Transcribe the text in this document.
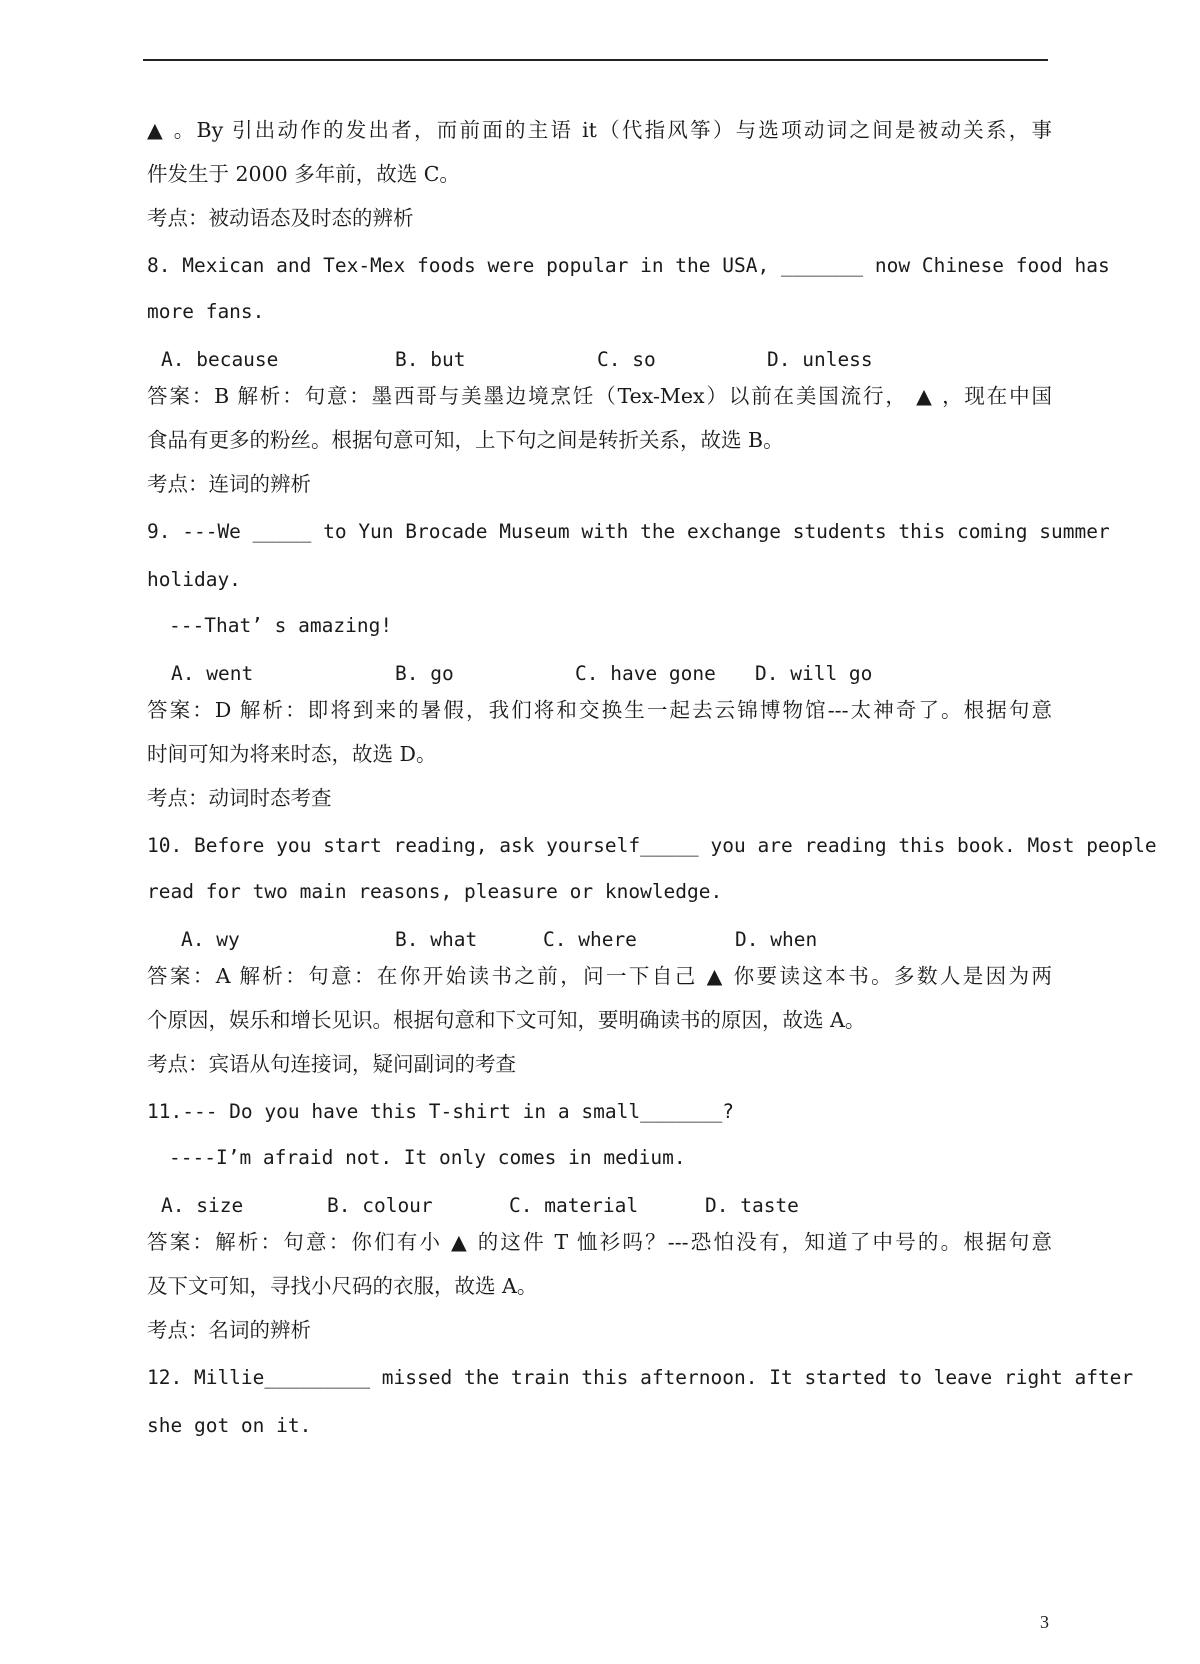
▲ 。By 引出动作的发出者，而前面的主语 it（代指风筝）与选项动词之间是被动关系，事
件发生于 2000 多年前，故选 C。
考点：被动语态及时态的辨析
8. Mexican and Tex-Mex foods were popular in the USA, _______ now Chinese food has
more fans.
A. because	B. but	C. so	D. unless
答案：B 解析：句意：墨西哥与美墨边境烹饪（Tex-Mex）以前在美国流行， ▲ ，现在中国
食品有更多的粉丝。根据句意可知，上下句之间是转折关系，故选 B。
考点：连词的辨析
9. ---We _____ to Yun Brocade Museum with the exchange students this coming summer
holiday.
---That’ s amazing!
A. went	B. go	C. have gone D. will go
答案：D 解析：即将到来的暑假，我们将和交换生一起去云锦博物馆---太神奇了。根据句意
时间可知为将来时态，故选 D。
考点：动词时态考查
10. Before you start reading, ask yourself_____ you are reading this book. Most people
read for two main reasons, pleasure or knowledge.
A. wy	B. what	C. where	D. when
答案：A 解析：句意：在你开始读书之前，问一下自己 ▲ 你要读这本书。多数人是因为两
个原因，娱乐和增长见识。根据句意和下文可知，要明确读书的原因，故选 A。
考点：宾语从句连接词，疑问副词的考查
11.--- Do you have this T-shirt in a small_______?
----I’m afraid not. It only comes in medium.
A. size	B. colour	C. material	D. taste
答案：解析：句意：你们有小 ▲ 的这件 T 恤衫吗？---恐怕没有，知道了中号的。根据句意
及下文可知，寻找小尺码的衣服，故选 A。
考点：名词的辨析
12. Millie_________ missed the train this afternoon. It started to leave right after
she got on it.
3
